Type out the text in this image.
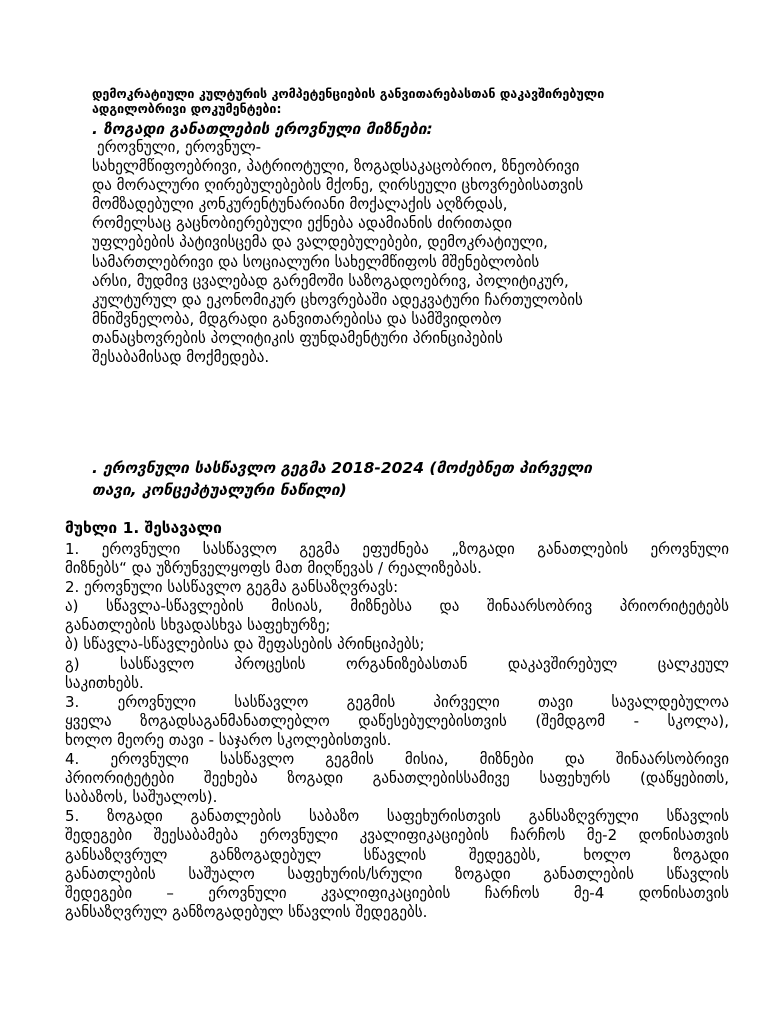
დემოკრატიული კულტურის კომპეტენციების განვითარებასთან დაკავშირებული
ადგილობრივი დოკუმენტები:
. ზოგადი განათლების ეროვნული მიზნები:
ეროვნული, ეროვნულ-
სახელმწიფოებრივი, პატრიოტული, ზოგადსაკაცობრიო, ზნეობრივი
და მორალური ღირებულებების მქონე, ღირსეული ცხოვრებისათვის
მომზადებული კონკურენტუნარიანი მოქალაქის აღზრდას,
რომელსაც გაცნობიერებული ექნება ადამიანის ძირითადი
უფლებების პატივისცემა და ვალდებულებები, დემოკრატიული,
სამართლებრივი და სოციალური სახელმწიფოს მშენებლობის
არსი, მუდმივ ცვალებად გარემოში საზოგადოებრივ, პოლიტიკურ,
კულტურულ და ეკონომიკურ ცხოვრებაში ადეკვატური ჩართულობის
მნიშვნელობა, მდგრადი განვითარებისა და სამშვიდობო
თანაცხოვრების პოლიტიკის ფუნდამენტური პრინციპების
შესაბამისად მოქმედება.
. ეროვნული სასწავლო გეგმა 2018-2024 (მოძებნეთ პირველი
თავი, კონცეპტუალური ნაწილი)
მუხლი 1. შესავალი
1. ეროვნული სასწავლო გეგმა ეფუძნება „ზოგადი განათლების ეროვნული
მიზნებს“ და უზრუნველყოფს მათ მიღწევას / რეალიზებას.
2. ეროვნული სასწავლო გეგმა განსაზღვრავს:
ა) სწავლა-სწავლების მისიას, მიზნებსა და შინაარსობრივ პრიორიტეტებს
განათლების სხვადასხვა საფეხურზე;
ბ) სწავლა-სწავლებისა და შეფასების პრინციპებს;
გ) სასწავლო პროცესის ორგანიზებასთან დაკავშირებულ ცალკეულ
საკითხებს.
3. ეროვნული სასწავლო გეგმის პირველი თავი სავალდებულოა
ყველა ზოგადსაგანმანათლებლო დაწესებულებისთვის (შემდგომ - სკოლა),
ხოლო მეორე თავი - საჯარო სკოლებისთვის.
4. ეროვნული სასწავლო გეგმის მისია, მიზნები და შინაარსობრივი
პრიორიტეტები შეეხება ზოგადი განათლებისსამივე საფეხურს (დაწყებითს,
საბაზოს, საშუალოს).
5. ზოგადი განათლების საბაზო საფეხურისთვის განსაზღვრული სწავლის
შედეგები შეესაბამება ეროვნული კვალიფიკაციების ჩარჩოს მე-2 დონისათვის
განსაზღვრულ განზოგადებულ სწავლის შედეგებს, ხოლო ზოგადი
განათლების საშუალო საფეხურის/სრული ზოგადი განათლების სწავლის
შედეგები – ეროვნული კვალიფიკაციების ჩარჩოს მე-4 დონისათვის
განსაზღვრულ განზოგადებულ სწავლის შედეგებს.
